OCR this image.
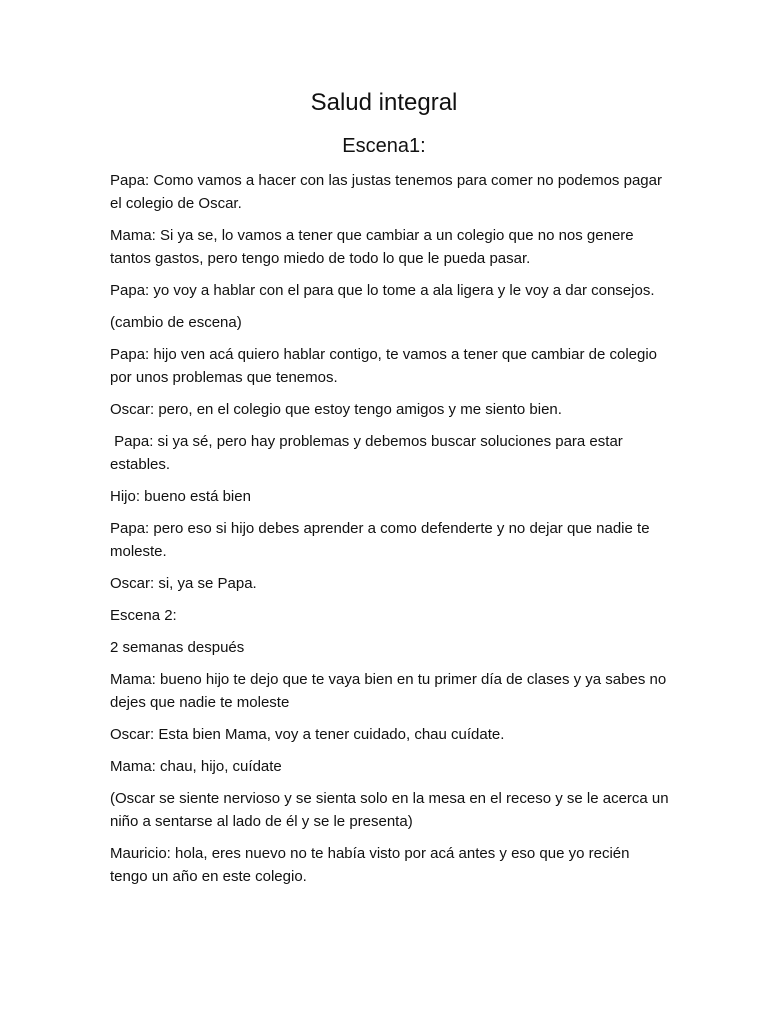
Salud integral
Escena1:

Papa: Como vamos a hacer con las justas tenemos para comer no podemos pagar el colegio de Oscar.

Mama: Si ya se, lo vamos a tener que cambiar a un colegio que no nos genere tantos gastos, pero tengo miedo de todo lo que le pueda pasar.

Papa: yo voy a hablar con el para que lo tome a ala ligera y le voy a dar consejos.

(cambio de escena)

Papa: hijo ven acá quiero hablar contigo, te vamos a tener que cambiar de colegio por unos problemas que tenemos.

Oscar: pero, en el colegio que estoy tengo amigos y me siento bien.

Papa: si ya sé, pero hay problemas y debemos buscar soluciones para estar estables.

Hijo: bueno está bien

Papa: pero eso si hijo debes aprender a como defenderte y no dejar que nadie te moleste.

Oscar: si, ya se Papa.

Escena 2:

2 semanas después

Mama: bueno hijo te dejo que te vaya bien en tu primer día de clases y ya sabes no dejes que nadie te moleste

Oscar: Esta bien Mama, voy a tener cuidado, chau cuídate.

Mama: chau, hijo, cuídate

(Oscar se siente nervioso y se sienta solo en la mesa en el receso y se le acerca un niño a sentarse al lado de él y se le presenta)

Mauricio: hola, eres nuevo no te había visto por acá antes y eso que yo recién tengo un año en este colegio.
